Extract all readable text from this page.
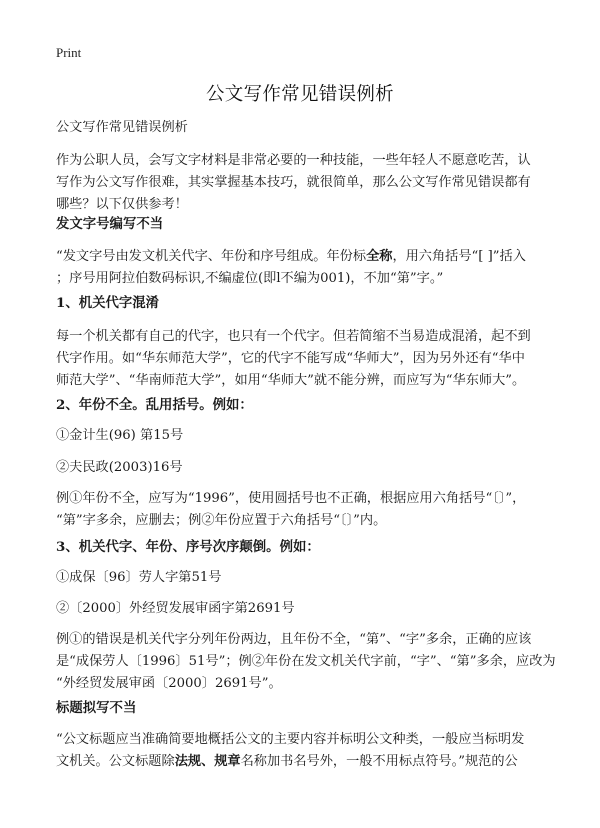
Print
公文写作常见错误例析
公文写作常见错误例析
作为公职人员，会写文字材料是非常必要的一种技能，一些年轻人不愿意吃苦，认
写作为公文写作很难，其实掌握基本技巧，就很简单，那么公文写作常见错误都有
哪些？以下仅供参考！
发文字号编写不当
“发文字号由发文机关代字、年份和序号组成。年份标全称，用六角括号“[ ]”括入
；序号用阿拉伯数码标识,不编虚位(即l不编为001)，不加“第”字。”
1、机关代字混淆
每一个机关都有自己的代字，也只有一个代字。但若简缩不当易造成混淆，起不到
代字作用。如“华东师范大学”，它的代字不能写成“华师大”，因为另外还有“华中
师范大学”、“华南师范大学”，如用“华师大”就不能分辨，而应写为“华东师大”。
2、年份不全。乱用括号。例如：
①金计生(96) 第15号
②夫民政(2003)16号
例①年份不全，应写为“1996”，使用圆括号也不正确，根据应用六角括号“〔〕”，
“第”字多余，应删去；例②年份应置于六角括号“〔〕”内。
3、机关代字、年份、序号次序颠倒。例如：
①成保〔96〕劳人字第51号
②〔2000〕外经贸发展审函字第2691号
例①的错误是机关代字分列年份两边，且年份不全，“第”、“字”多余，正确的应该
是“成保劳人〔1996〕51号”；例②年份在发文机关代字前，“字”、“第”多余，应改为
“外经贸发展审函〔2000〕2691号”。
标题拟写不当
“公文标题应当准确简要地概括公文的主要内容并标明公文种类，一般应当标明发
文机关。公文标题除法规、规章名称加书名号外，一般不用标点符号。”规范的公
